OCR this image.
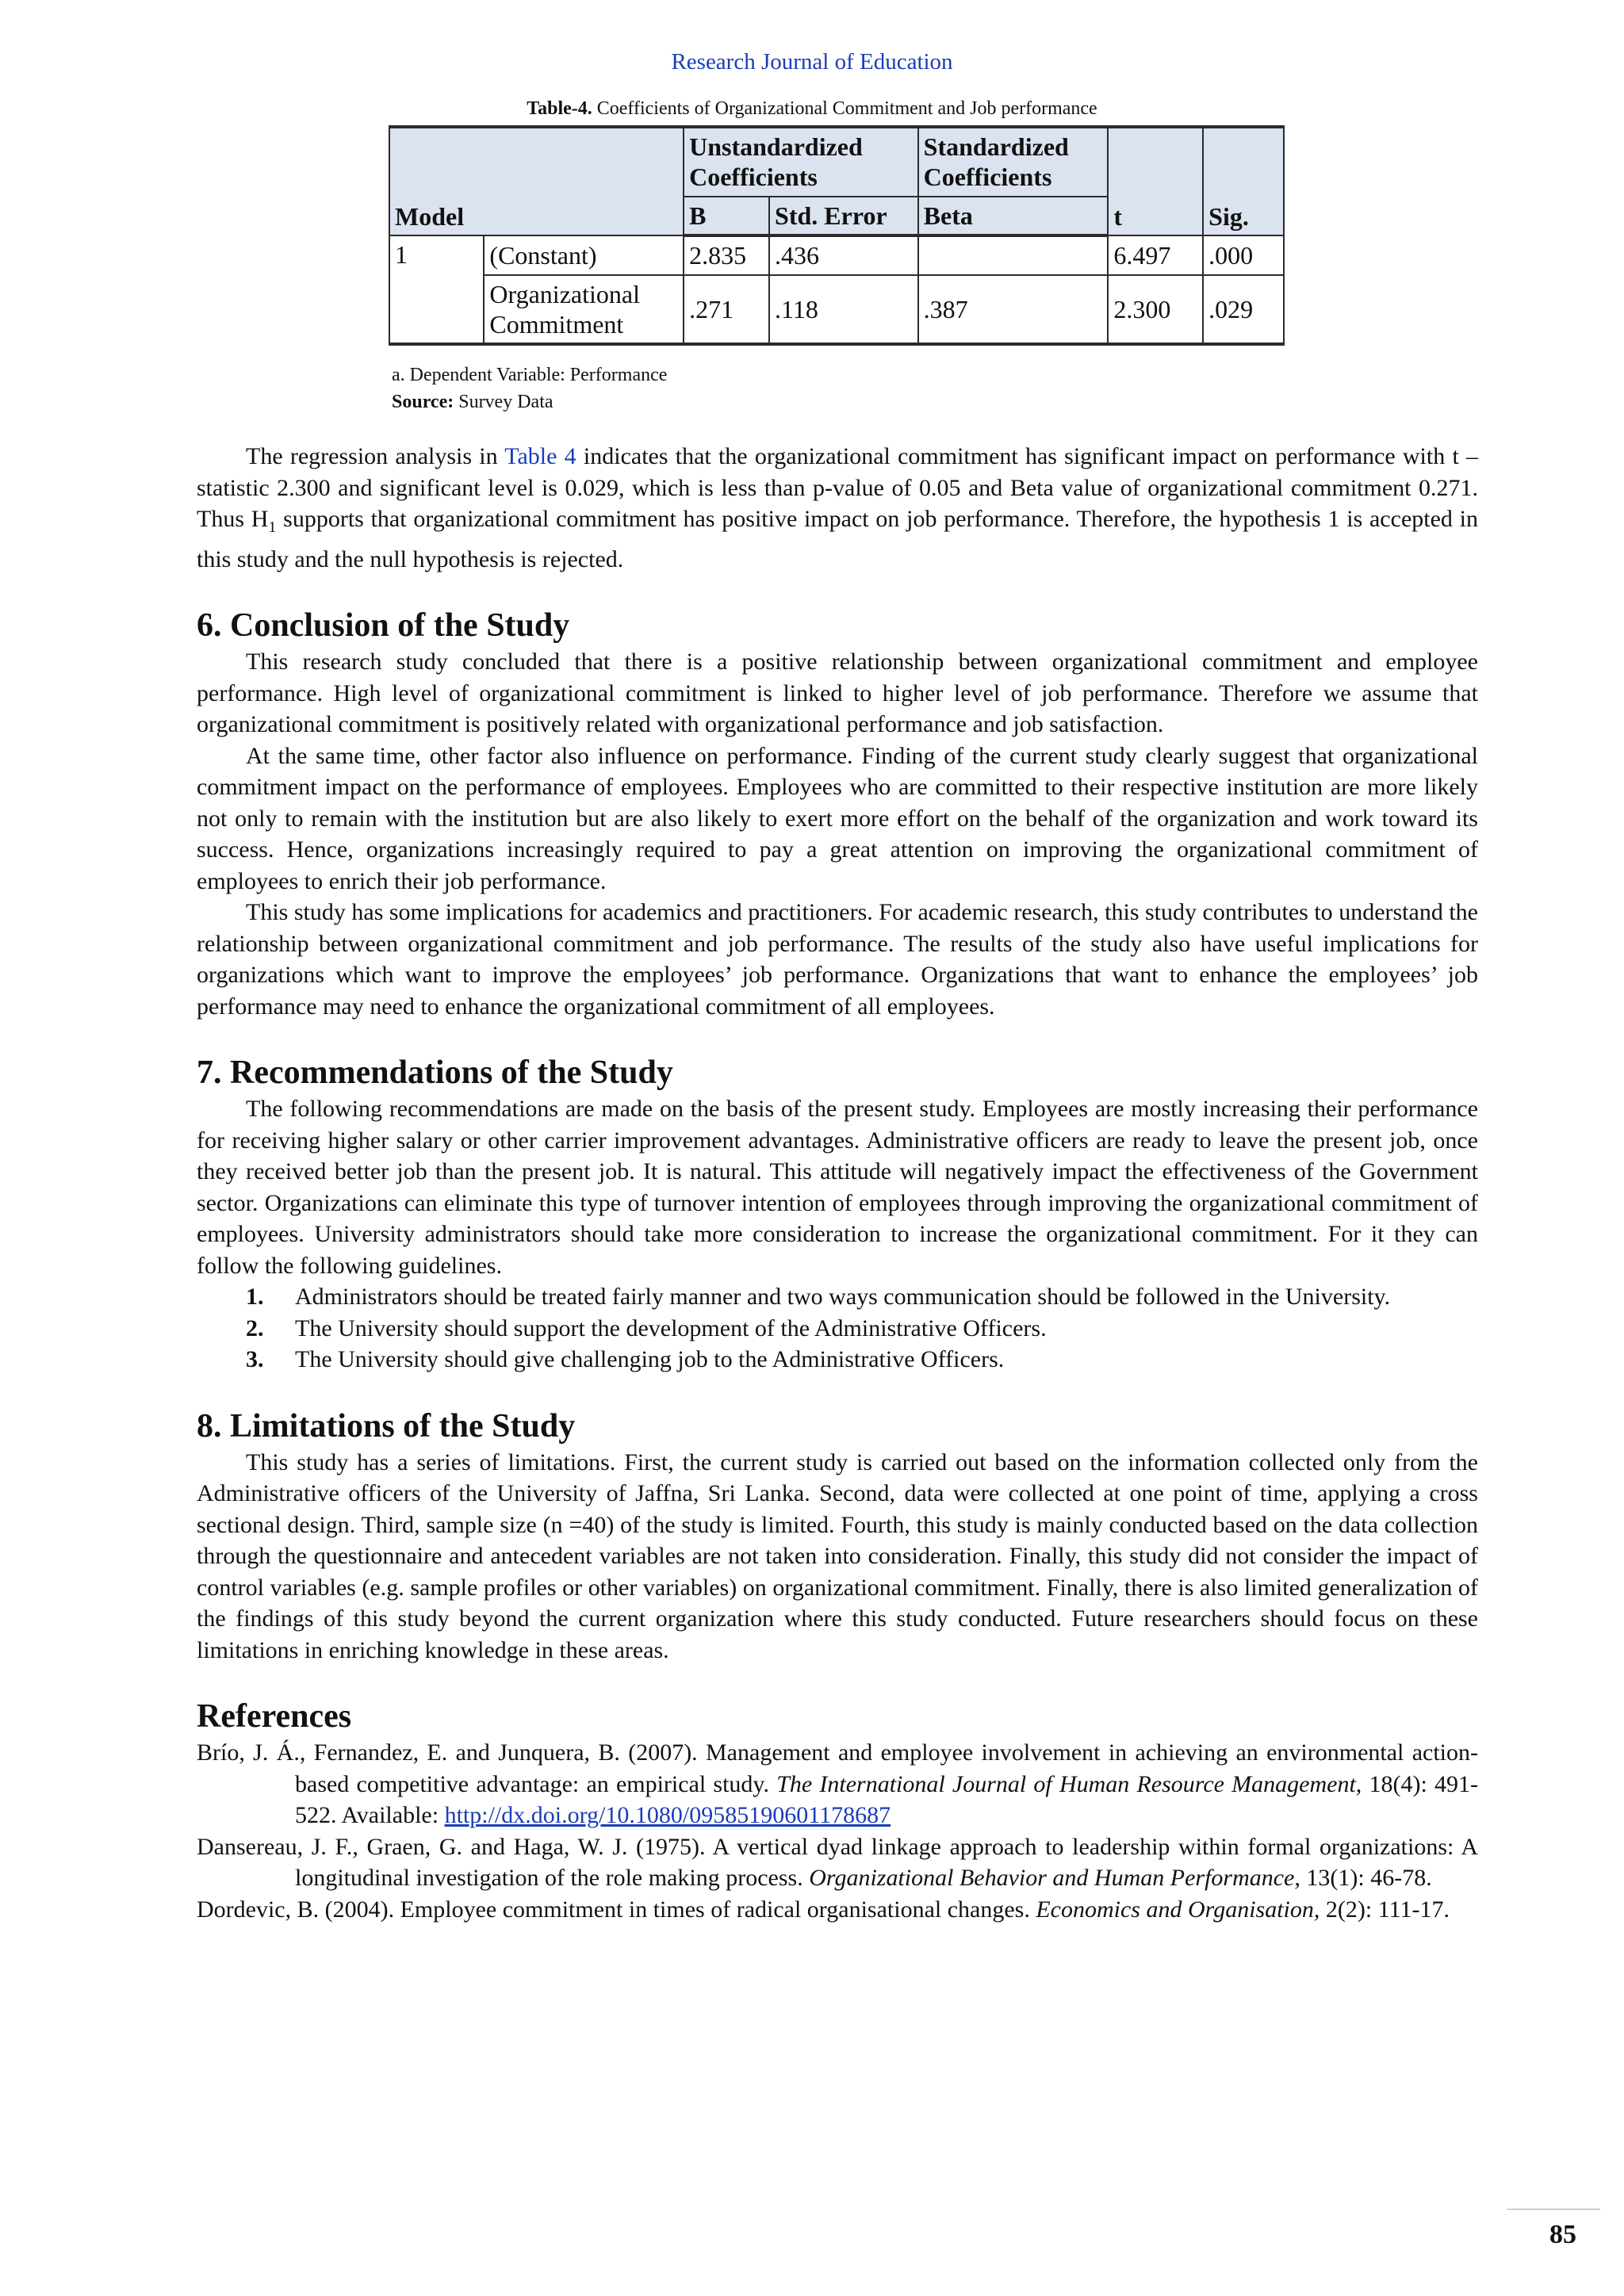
Research Journal of Education
Table-4. Coefficients of Organizational Commitment and Job performance
Model		Unstandardized Coefficients		Standardized Coefficients	t	Sig.
		B	Std. Error	Beta		
1	(Constant)	2.835	.436		6.497	.000
	Organizational Commitment	.271	.118	.387	2.300	.029
a. Dependent Variable: Performance
Source: Survey Data

The regression analysis in Table 4 indicates that the organizational commitment has significant impact on performance with t –statistic 2.300 and significant level is 0.029, which is less than p-value of 0.05 and Beta value of organizational commitment 0.271. Thus $H_1$ supports that organizational commitment has positive impact on job performance. Therefore, the hypothesis 1 is accepted in this study and the null hypothesis is rejected.

6. Conclusion of the Study

This research study concluded that there is a positive relationship between organizational commitment and employee performance. High level of organizational commitment is linked to higher level of job performance. Therefore we assume that organizational commitment is positively related with organizational performance and job satisfaction.

At the same time, other factor also influence on performance. Finding of the current study clearly suggest that organizational commitment impact on the performance of employees. Employees who are committed to their respective institution are more likely not only to remain with the institution but are also likely to exert more effort on the behalf of the organization and work toward its success. Hence, organizations increasingly required to pay a great attention on improving the organizational commitment of employees to enrich their job performance.

This study has some implications for academics and practitioners. For academic research, this study contributes to understand the relationship between organizational commitment and job performance. The results of the study also have useful implications for organizations which want to improve the employees’ job performance. Organizations that want to enhance the employees’ job performance may need to enhance the organizational commitment of all employees.

7. Recommendations of the Study

The following recommendations are made on the basis of the present study. Employees are mostly increasing their performance for receiving higher salary or other carrier improvement advantages. Administrative officers are ready to leave the present job, once they received better job than the present job. It is natural. This attitude will negatively impact the effectiveness of the Government sector. Organizations can eliminate this type of turnover intention of employees through improving the organizational commitment of employees. University administrators should take more consideration to increase the organizational commitment. For it they can follow the following guidelines.

1. Administrators should be treated fairly manner and two ways communication should be followed in the University.
2. The University should support the development of the Administrative Officers.
3. The University should give challenging job to the Administrative Officers.
8. Limitations of the Study

This study has a series of limitations. First, the current study is carried out based on the information collected only from the Administrative officers of the University of Jaffna, Sri Lanka. Second, data were collected at one point of time, applying a cross sectional design. Third, sample size (n =40) of the study is limited. Fourth, this study is mainly conducted based on the data collection through the questionnaire and antecedent variables are not taken into consideration. Finally, this study did not consider the impact of control variables (e.g. sample profiles or other variables) on organizational commitment. Finally, there is also limited generalization of the findings of this study beyond the current organization where this study conducted. Future researchers should focus on these limitations in enriching knowledge in these areas.

References

Brío, J. Á., Fernandez, E. and Junquera, B. (2007). Management and employee involvement in achieving an environmental action-based competitive advantage: an empirical study. The International Journal of Human Resource Management, 18(4): 491-522. Available: http://dx.doi.org/10.1080/09585190601178687

Dansereau, J. F., Graen, G. and Haga, W. J. (1975). A vertical dyad linkage approach to leadership within formal organizations: A longitudinal investigation of the role making process. Organizational Behavior and Human Performance, 13(1): 46-78.

Dordevic, B. (2004). Employee commitment in times of radical organisational changes. Economics and Organisation, 2(2): 111-17.

85
